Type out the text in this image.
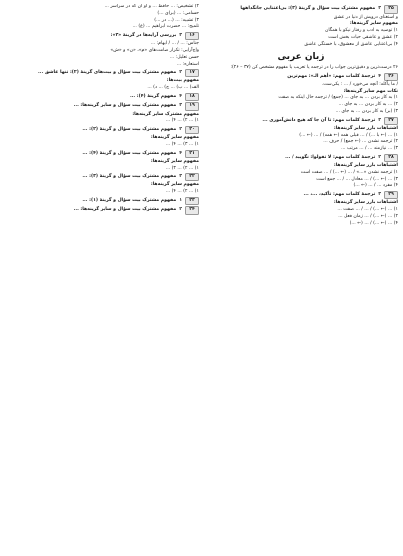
۲) تشخیص: ... حافظ ... و او آن که در سراسر ...

حسامی: ... (برای ...)

۳) تشبیه: ... (... در ...)

تلمیح: ... حضرت ابراهیم ... (ع) ...

۱۶
۳
بررسی آرایه‌ها در گزینهٔ «۳»:

جناس: ... / ... / ایهام: ...

واج‌آرایی: تکرار صامت‌های «م»، «ن» و «ش»

حسن تعلیل: ...

استعاره: ...

۱۷
۲
مفهوم مشترک بیت سؤال و بیت‌های گزینهٔ (۲): تنها عاشق ...

مفهوم بیت‌ها:

الف) ... ب) ... ج) ... د) ...

۱۸
۴
مفهوم گزینهٔ (۴): ...
۱۹
۳
مفهوم مشترک بیت سؤال و سایر گزینه‌ها: ...

مفهوم مشترک سایر گزینه‌ها:

۱) ... ۲) ... ۴) ...

۲۰
۲
مفهوم مشترک بیت سؤال و گزینهٔ (۲): ...

مفهوم سایر گزینه‌ها:

۱) ... ۳) ... ۴) ...

۲۱
۴
مفهوم مشترک بیت سؤال و گزینهٔ (۴): ...

مفهوم سایر گزینه‌ها:

۱) ... ۲) ... ۳) ...

۲۲
۳
مفهوم مشترک بیت سؤال و گزینهٔ (۳): ...

مفهوم سایر گزینه‌ها:

۱) ... ۲) ... ۴) ...

۲۳
۱
مفهوم مشترک بیت سؤال و گزینهٔ (۱): ...
۲۴
۲
مفهوم مشترک بیت سؤال و سایر گزینه‌ها: ...
۲۵
۳
مفهوم مشترک بیت سؤال و گزینهٔ (۳): بی‌اعتنایی جانگداهها

و استغنای درویش از دنیا در عشق

مفهوم سایر گزینه‌ها:

۱) توصیه به ادب و رفتار نیکو با همگان

۲) عشق و عاشقی حیات ‌بخش است

۴) بی‌اعتنایی عاشق از معشوق، با خستگی عاشق

زبان عربی

۲۶ درست‌ترین و دقیق‌ترین جواب را در ترجمه یا تعریب یا مفهوم مشخص کن (۳۷ – ۲۶):

۲۶
۴
ترجمهٔ کلمات مهم: «أهم الـ»: مهم‌ترین

/ ما یأکله: آنچه می‌خورد / ... : یکی‌ست.

نکات مهم سایر گزینه‌ها:

۱) به کار بردن ... به جای ... (جمع) / ترجمه حال اینکه به صفت

۲) ... به کار بردن ... به جای ...

۳) (بر) به کار بردن ... به جای ...

۲۷
۳
ترجمهٔ کلمات مهم: تا آن جا که هیچ دانش‌آموزی ...

اشتباهات بارز سایر گزینه‌ها:

۱) ... (← با ...) / ... قبلی همه (← همه) / ... (← ...)

۲) ترجمه نشدن ... (← جمع) / حرف ...

۳) ... نیازمند ... / ... مرتب ...

۲۸
۲
ترجمهٔ کلمات مهم: لا تقولوا: نگویید / ...

اشتباهات بارز سایر گزینه‌ها:

۱) ترجمه نشدن «...» / ... (← ...) / ... صفت است

۳) ... (← ...) / ... معادل ... / ... جمع است

۴) مفرد ... / ... (← ...)

۲۹
۳
ترجمهٔ کلمات مهم: تأکید، ...، ...

اشتباهات بارز سایر گزینه‌ها:

۱) ... (← ...) / ... / ... صفت ...

۲) ... (← ...) / ... زمان فعل ...

۴) ... (← ...) / ... (← ...)
